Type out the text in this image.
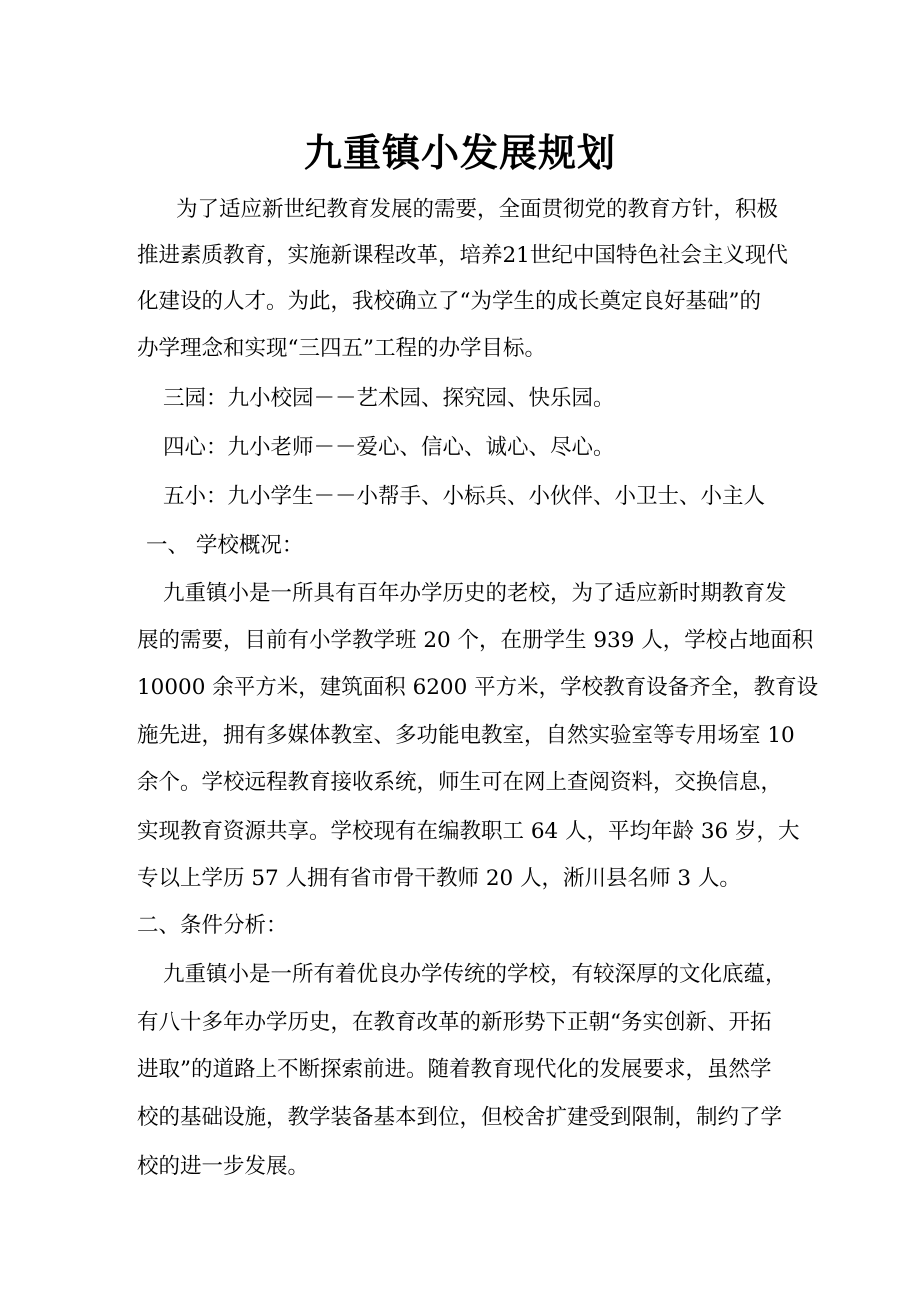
九重镇小发展规划
为了适应新世纪教育发展的需要，全面贯彻党的教育方针，积极
推进素质教育，实施新课程改革，培养21世纪中国特色社会主义现代
化建设的人才。为此，我校确立了“为学生的成长奠定良好基础”的
办学理念和实现“三四五”工程的办学目标。
三园：九小校园－－艺术园、探究园、快乐园。
四心：九小老师－－爱心、信心、诚心、尽心。
五小：九小学生－－小帮手、小标兵、小伙伴、小卫士、小主人
一、 学校概况：
九重镇小是一所具有百年办学历史的老校，为了适应新时期教育发
展的需要，目前有小学教学班 20 个，在册学生 939 人，学校占地面积
10000 余平方米，建筑面积 6200 平方米，学校教育设备齐全，教育设
施先进，拥有多媒体教室、多功能电教室，自然实验室等专用场室 10
余个。学校远程教育接收系统，师生可在网上查阅资料，交换信息，
实现教育资源共享。学校现有在编教职工 64 人，平均年龄 36 岁，大
专以上学历 57 人拥有省市骨干教师 20 人，淅川县名师 3 人。
二、条件分析：
九重镇小是一所有着优良办学传统的学校，有较深厚的文化底蕴，
有八十多年办学历史，在教育改革的新形势下正朝“务实创新、开拓
进取”的道路上不断探索前进。随着教育现代化的发展要求，虽然学
校的基础设施，教学装备基本到位，但校舍扩建受到限制，制约了学
校的进一步发展。
